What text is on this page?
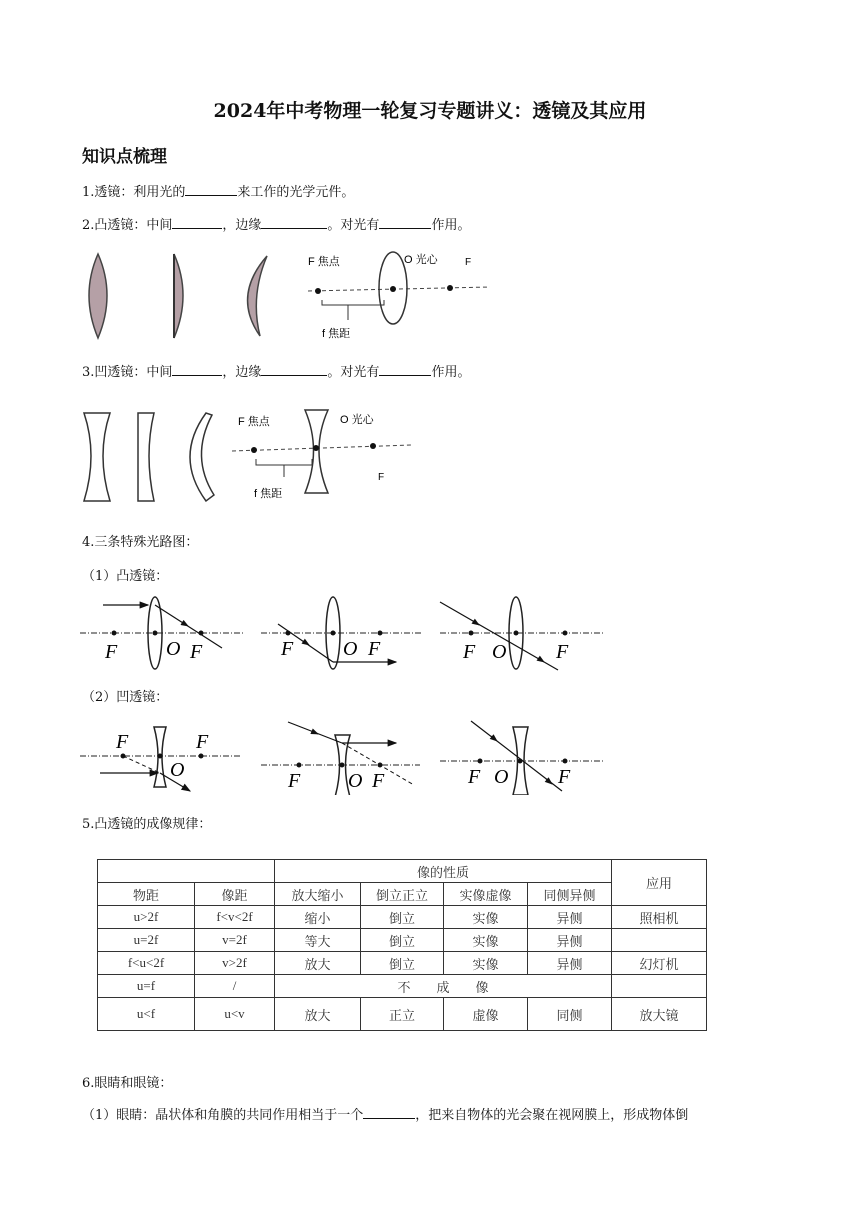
2024年中考物理一轮复习专题讲义：透镜及其应用
知识点梳理
1.透镜：利用光的	来工作的光学元件。
2.凸透镜：中间	，边缘	。对光有	作用。
F 焦点	O 光心	F
f 焦距
3.凹透镜：中间	，边缘	。对光有	作用。
F 焦点	O 光心
F
f 焦距
4.三条特殊光路图：
（1）凸透镜：
F O F	F O F	F O F
（2）凹透镜：
F
O
F
F O F	F O F
5.凸透镜的成像规律：
		像的性质				应用
物距	像距	放大缩小	倒立正立	实像虚像	同侧异侧	
u>2f	f<v<2f	缩小	倒立	实像	异侧	照相机
u=2f	v=2f	等大	倒立	实像	异侧	
f<u<2f	v>2f	放大	倒立	实像	异侧	幻灯机
u=f	/	不　　成　　像				
u<f	u<v	放大	正立	虚像	同侧	放大镜
6.眼睛和眼镜：
（1）眼睛：晶状体和角膜的共同作用相当于一个	，把来自物体的光会聚在视网膜上，形成物体倒
